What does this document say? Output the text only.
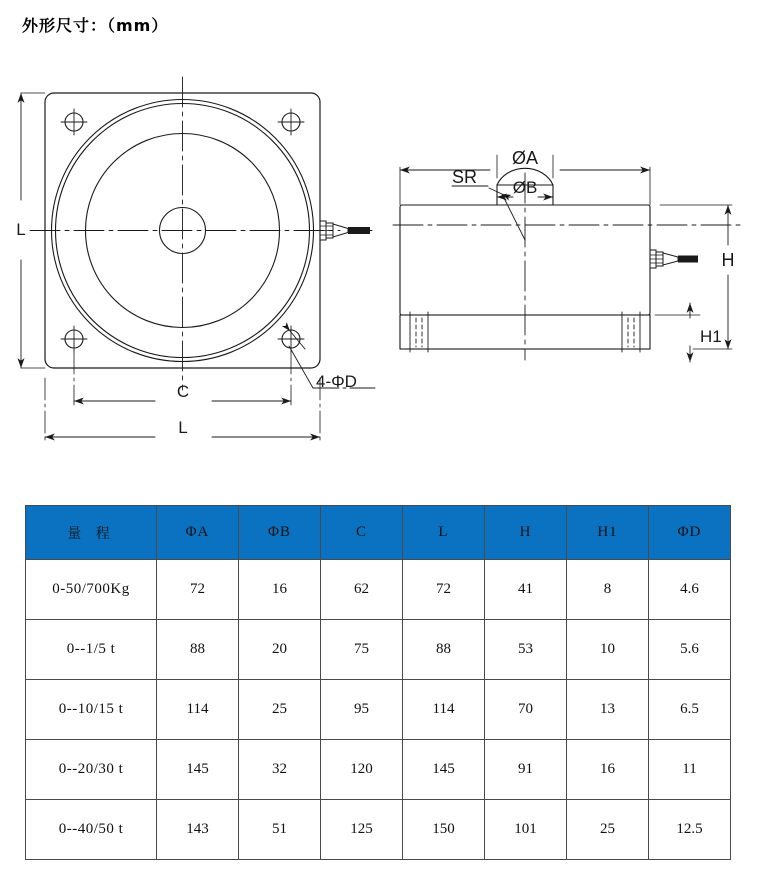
外形尺寸：（mm）
L
C
L
4-ΦD
ØA
ØB
SR
H
H1
量 程	ΦA	ΦB	C	L	H	H1	ΦD
0-50/700Kg	72	16	62	72	41	8	4.6
0--1/5 t	88	20	75	88	53	10	5.6
0--10/15 t	114	25	95	114	70	13	6.5
0--20/30 t	145	32	120	145	91	16	11
0--40/50 t	143	51	125	150	101	25	12.5
